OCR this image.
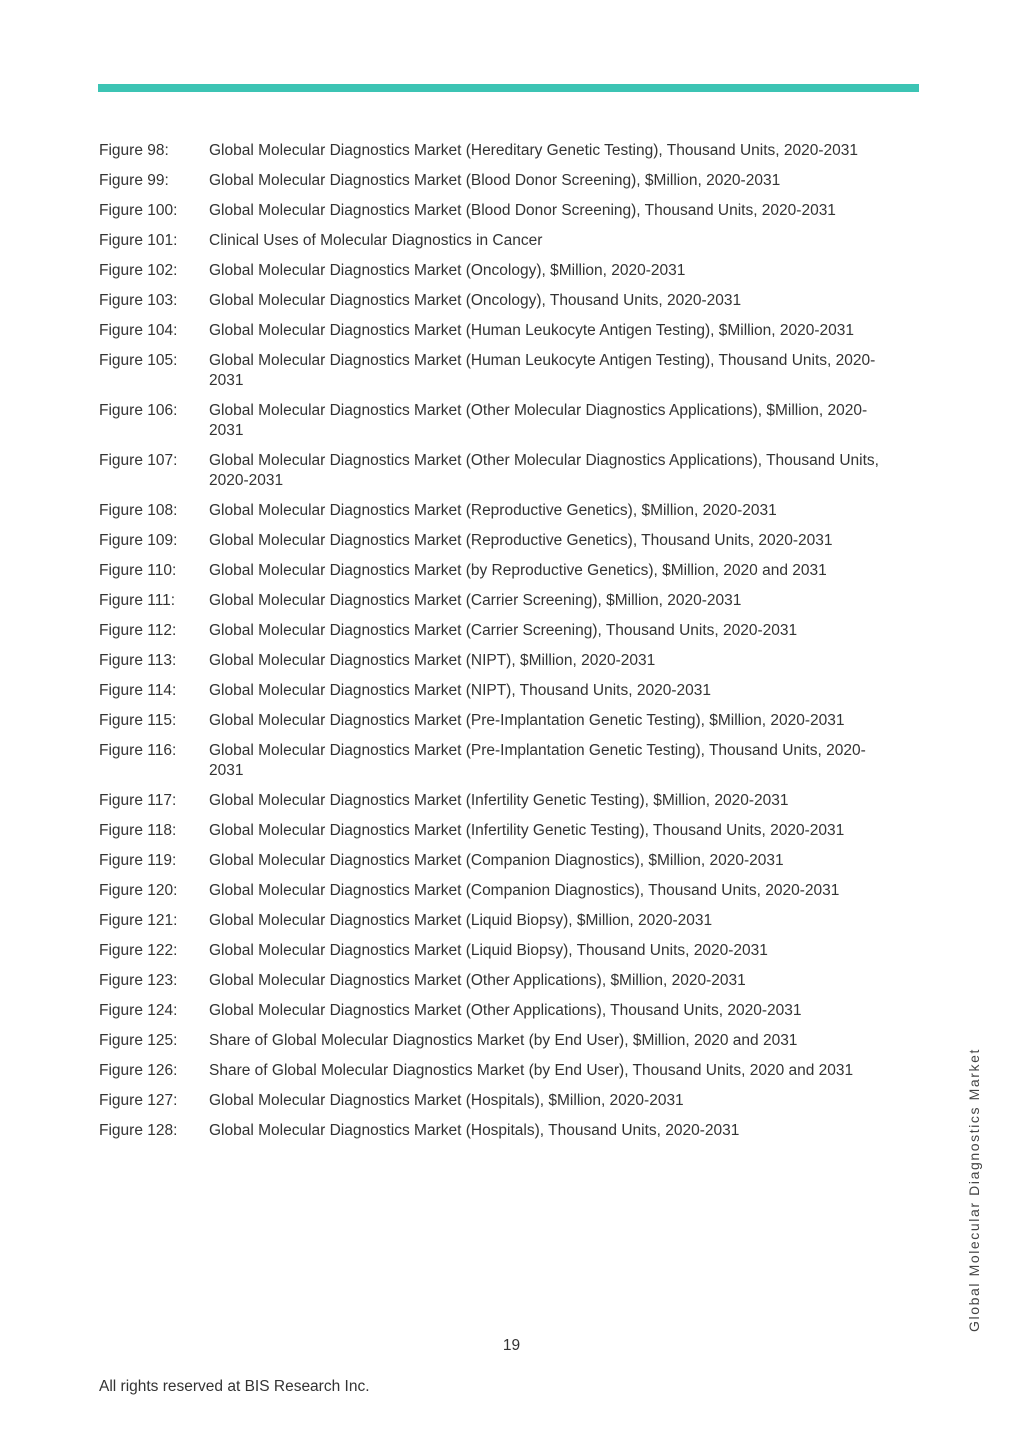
Figure 98:	Global Molecular Diagnostics Market (Hereditary Genetic Testing), Thousand Units, 2020-2031
Figure 99:	Global Molecular Diagnostics Market (Blood Donor Screening), $Million, 2020-2031
Figure 100:	Global Molecular Diagnostics Market (Blood Donor Screening), Thousand Units, 2020-2031
Figure 101:	Clinical Uses of Molecular Diagnostics in Cancer
Figure 102:	Global Molecular Diagnostics Market (Oncology), $Million, 2020-2031
Figure 103:	Global Molecular Diagnostics Market (Oncology), Thousand Units, 2020-2031
Figure 104:	Global Molecular Diagnostics Market (Human Leukocyte Antigen Testing), $Million, 2020-2031
Figure 105:	Global Molecular Diagnostics Market (Human Leukocyte Antigen Testing), Thousand Units, 2020-2031
Figure 106:	Global Molecular Diagnostics Market (Other Molecular Diagnostics Applications), $Million, 2020-2031
Figure 107:	Global Molecular Diagnostics Market (Other Molecular Diagnostics Applications), Thousand Units, 2020-2031
Figure 108:	Global Molecular Diagnostics Market (Reproductive Genetics), $Million, 2020-2031
Figure 109:	Global Molecular Diagnostics Market (Reproductive Genetics), Thousand Units, 2020-2031
Figure 110:	Global Molecular Diagnostics Market (by Reproductive Genetics), $Million, 2020 and 2031
Figure 111:	Global Molecular Diagnostics Market (Carrier Screening), $Million, 2020-2031
Figure 112:	Global Molecular Diagnostics Market (Carrier Screening), Thousand Units, 2020-2031
Figure 113:	Global Molecular Diagnostics Market (NIPT), $Million, 2020-2031
Figure 114:	Global Molecular Diagnostics Market (NIPT), Thousand Units, 2020-2031
Figure 115:	Global Molecular Diagnostics Market (Pre-Implantation Genetic Testing), $Million, 2020-2031
Figure 116:	Global Molecular Diagnostics Market (Pre-Implantation Genetic Testing), Thousand Units, 2020-2031
Figure 117:	Global Molecular Diagnostics Market (Infertility Genetic Testing), $Million, 2020-2031
Figure 118:	Global Molecular Diagnostics Market (Infertility Genetic Testing), Thousand Units, 2020-2031
Figure 119:	Global Molecular Diagnostics Market (Companion Diagnostics), $Million, 2020-2031
Figure 120:	Global Molecular Diagnostics Market (Companion Diagnostics), Thousand Units, 2020-2031
Figure 121:	Global Molecular Diagnostics Market (Liquid Biopsy), $Million, 2020-2031
Figure 122:	Global Molecular Diagnostics Market (Liquid Biopsy), Thousand Units, 2020-2031
Figure 123:	Global Molecular Diagnostics Market (Other Applications), $Million, 2020-2031
Figure 124:	Global Molecular Diagnostics Market (Other Applications), Thousand Units, 2020-2031
Figure 125:	Share of Global Molecular Diagnostics Market (by End User), $Million, 2020 and 2031
Figure 126:	Share of Global Molecular Diagnostics Market (by End User), Thousand Units, 2020 and 2031
Figure 127:	Global Molecular Diagnostics Market (Hospitals), $Million, 2020-2031
Figure 128:	Global Molecular Diagnostics Market (Hospitals), Thousand Units, 2020-2031
19
All rights reserved at BIS Research Inc.
Global Molecular Diagnostics Market
